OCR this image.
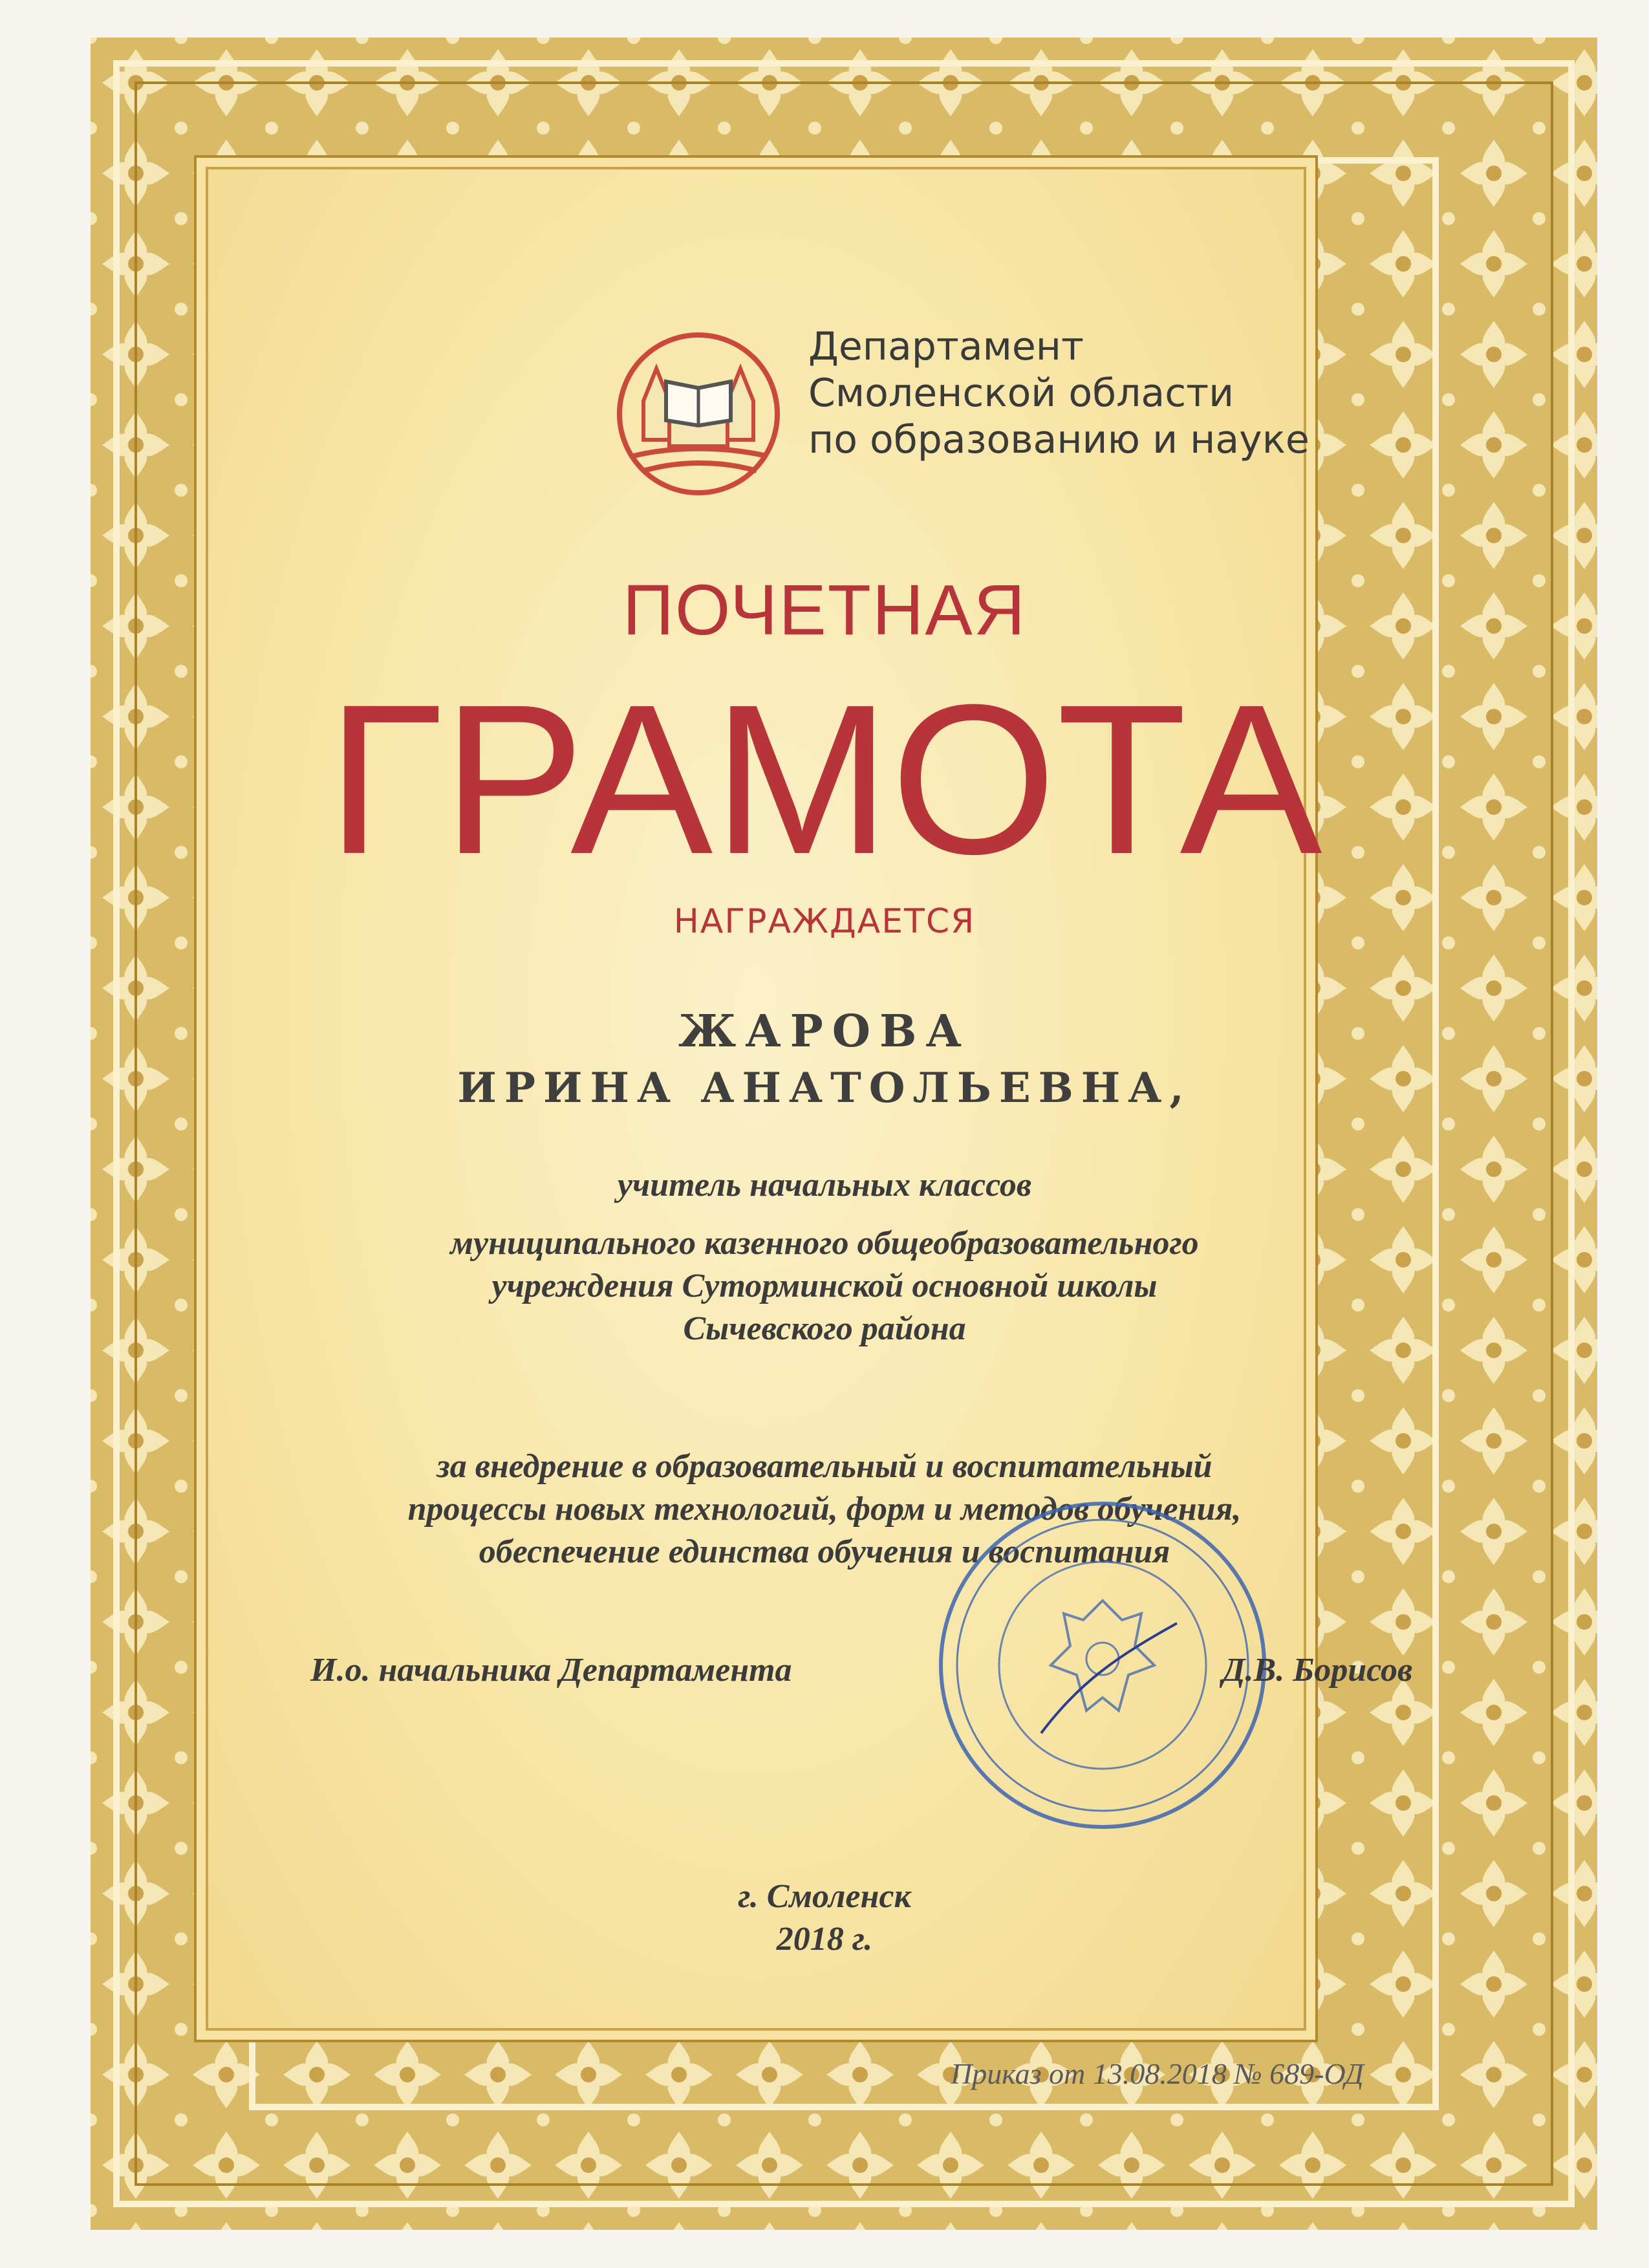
Департамент
Смоленской области
по образованию и науке
ПОЧЕТНАЯ
ГРАМОТА
НАГРАЖДАЕТСЯ
ЖАРОВА
ИРИНА АНАТОЛЬЕВНА,
учитель начальных классов
муниципального казенного общеобразовательного
учреждения Суторминской основной школы
Сычевского района
за внедрение в образовательный и воспитательный
процессы новых технологий, форм и методов обучения,
обеспечение единства обучения и воспитания
И.о. начальника Департамента	Д.В. Борисов
г. Смоленск
2018 г.
Приказ от 13.08.2018 № 689-ОД
